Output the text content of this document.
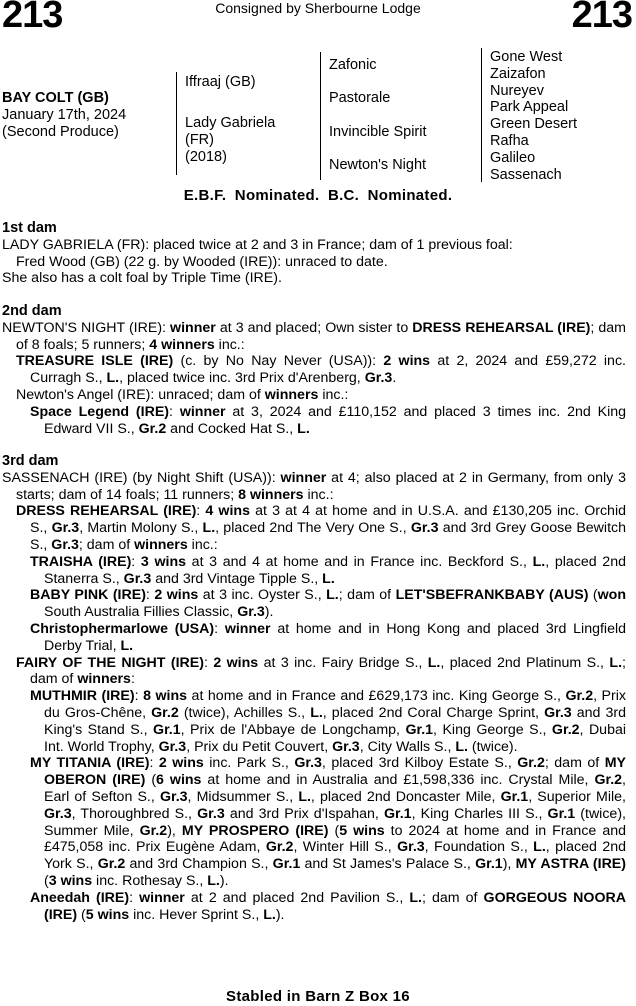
213	Consigned by Sherbourne Lodge	213
BAY COLT (GB)
January 17th, 2024
(Second Produce)
Iffraaj (GB)
Lady Gabriela
(FR)
(2018)
Zafonic
Pastorale
Invincible Spirit
Newton's Night
Gone West
Zaizafon
Nureyev
Park Appeal
Green Desert
Rafha
Galileo
Sassenach
E.B.F. Nominated. B.C. Nominated.
1st dam

LADY GABRIELA (FR): placed twice at 2 and 3 in France; dam of 1 previous foal:

Fred Wood (GB) (22 g. by Wooded (IRE)): unraced to date.

She also has a colt foal by Triple Time (IRE).

2nd dam

NEWTON'S NIGHT (IRE): winner at 3 and placed; Own sister to DRESS REHEARSAL (IRE); dam of 8 foals; 5 runners; 4 winners inc.:

TREASURE ISLE (IRE) (c. by No Nay Never (USA)): 2 wins at 2, 2024 and £59,272 inc. Curragh S., L., placed twice inc. 3rd Prix d'Arenberg, Gr.3.

Newton's Angel (IRE): unraced; dam of winners inc.:

Space Legend (IRE): winner at 3, 2024 and £110,152 and placed 3 times inc. 2nd King Edward VII S., Gr.2 and Cocked Hat S., L.

3rd dam

SASSENACH (IRE) (by Night Shift (USA)): winner at 4; also placed at 2 in Germany, from only 3 starts; dam of 14 foals; 11 runners; 8 winners inc.:

DRESS REHEARSAL (IRE): 4 wins at 3 at 4 at home and in U.S.A. and £130,205 inc. Orchid S., Gr.3, Martin Molony S., L., placed 2nd The Very One S., Gr.3 and 3rd Grey Goose Bewitch S., Gr.3; dam of winners inc.:

TRAISHA (IRE): 3 wins at 3 and 4 at home and in France inc. Beckford S., L., placed 2nd Stanerra S., Gr.3 and 3rd Vintage Tipple S., L.

BABY PINK (IRE): 2 wins at 3 inc. Oyster S., L.; dam of LET'SBEFRANKBABY (AUS) (won South Australia Fillies Classic, Gr.3).

Christophermarlowe (USA): winner at home and in Hong Kong and placed 3rd Lingfield Derby Trial, L.

FAIRY OF THE NIGHT (IRE): 2 wins at 3 inc. Fairy Bridge S., L., placed 2nd Platinum S., L.; dam of winners:

MUTHMIR (IRE): 8 wins at home and in France and £629,173 inc. King George S., Gr.2, Prix du Gros-Chêne, Gr.2 (twice), Achilles S., L., placed 2nd Coral Charge Sprint, Gr.3 and 3rd King's Stand S., Gr.1, Prix de l'Abbaye de Longchamp, Gr.1, King George S., Gr.2, Dubai Int. World Trophy, Gr.3, Prix du Petit Couvert, Gr.3, City Walls S., L. (twice).

MY TITANIA (IRE): 2 wins inc. Park S., Gr.3, placed 3rd Kilboy Estate S., Gr.2; dam of MY OBERON (IRE) (6 wins at home and in Australia and £1,598,336 inc. Crystal Mile, Gr.2, Earl of Sefton S., Gr.3, Midsummer S., L., placed 2nd Doncaster Mile, Gr.1, Superior Mile, Gr.3, Thoroughbred S., Gr.3 and 3rd Prix d'Ispahan, Gr.1, King Charles III S., Gr.1 (twice), Summer Mile, Gr.2), MY PROSPERO (IRE) (5 wins to 2024 at home and in France and £475,058 inc. Prix Eugène Adam, Gr.2, Winter Hill S., Gr.3, Foundation S., L., placed 2nd York S., Gr.2 and 3rd Champion S., Gr.1 and St James's Palace S., Gr.1), MY ASTRA (IRE) (3 wins inc. Rothesay S., L.).

Aneedah (IRE): winner at 2 and placed 2nd Pavilion S., L.; dam of GORGEOUS NOORA (IRE) (5 wins inc. Hever Sprint S., L.).

Stabled in Barn Z Box 16
